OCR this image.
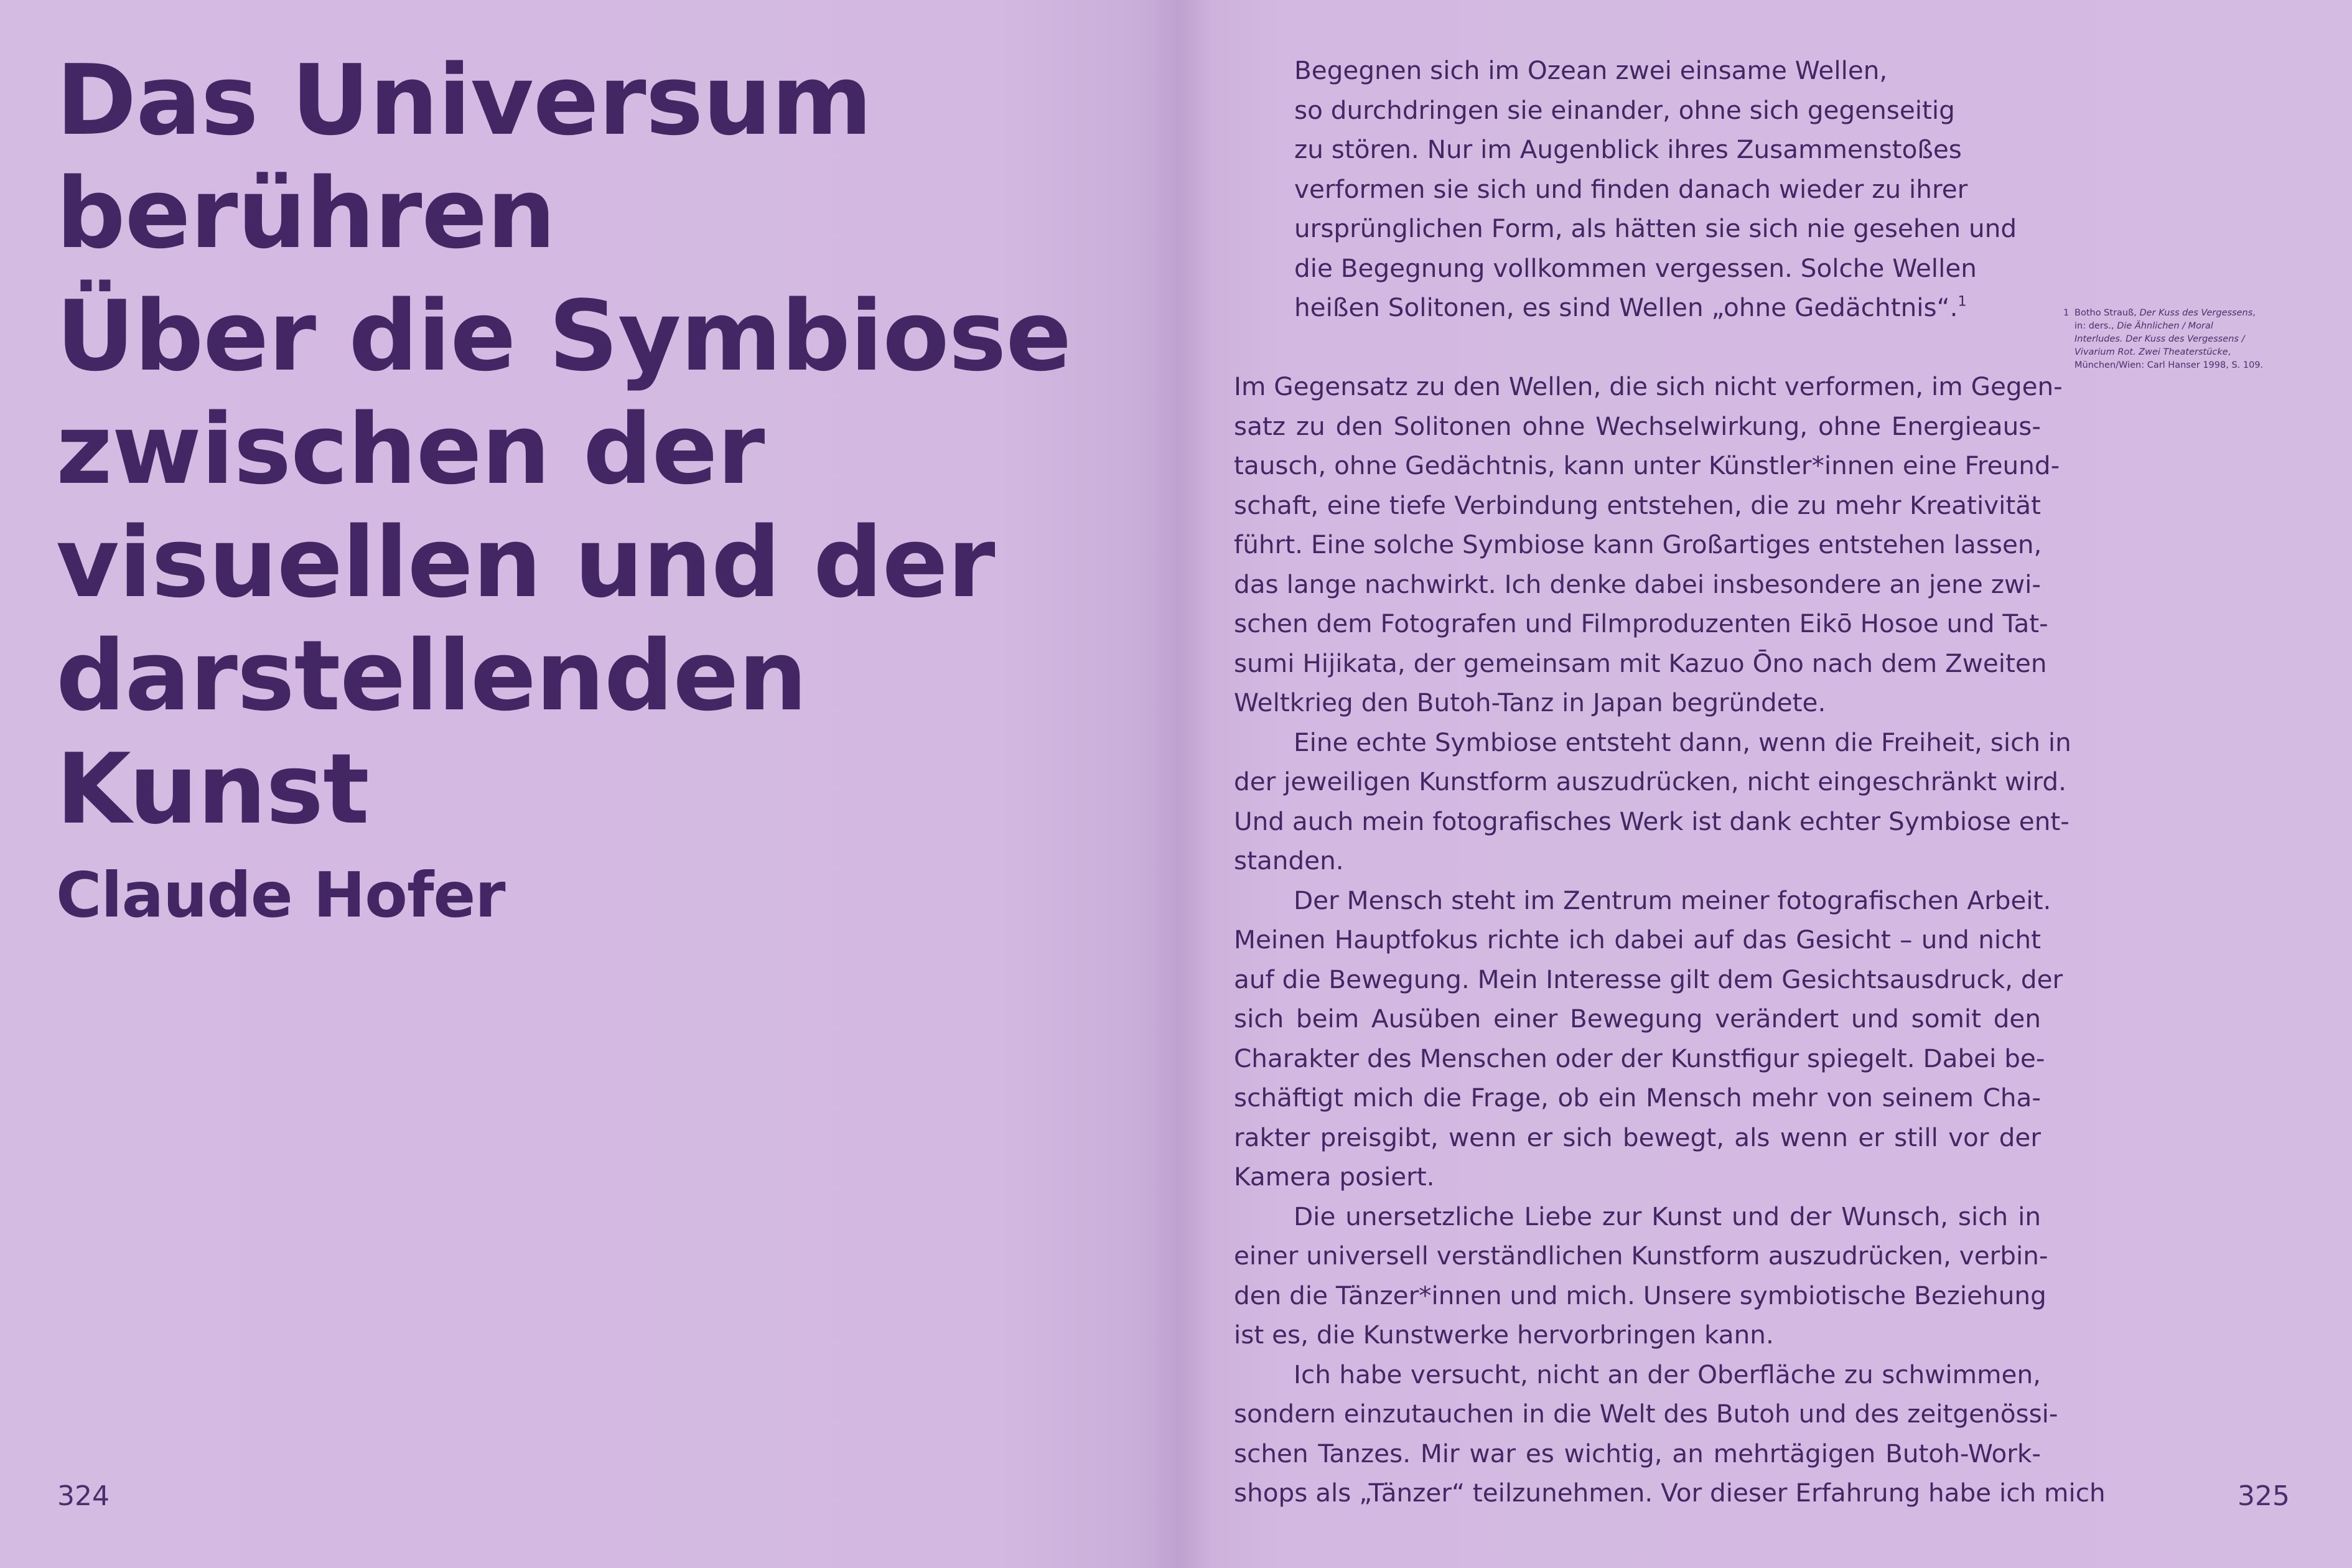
Das Universum
berühren
Über die Symbiose
zwischen der
visuellen und der
darstellenden Kunst
Claude Hofer
324

Begegnen sich im Ozean zwei einsame Wellen,
so durchdringen sie einander, ohne sich gegenseitig
zu stören. Nur im Augenblick ihres Zusammenstoßes
verformen sie sich und finden danach wieder zu ihrer
ursprünglichen Form, als hätten sie sich nie gesehen und
die Begegnung vollkommen vergessen. Solche Wellen
heißen Solitonen, es sind Wellen „ohne Gedächtnis“.$^1$

1 Botho Strauß, Der Kuss des Vergessens,
in: ders., Die Ähnlichen / Moral
Interludes. Der Kuss des Vergessens /
Vivarium Rot. Zwei Theaterstücke,
München/Wien: Carl Hanser 1998, S. 109.

Im Gegensatz zu den Wellen, die sich nicht verformen, im Gegen-
satz zu den Solitonen ohne Wechselwirkung, ohne Energieaus-
tausch, ohne Gedächtnis, kann unter Künstler*innen eine Freund-
schaft, eine tiefe Verbindung entstehen, die zu mehr Kreativität
führt. Eine solche Symbiose kann Großartiges entstehen lassen,
das lange nachwirkt. Ich denke dabei insbesondere an jene zwi-
schen dem Fotografen und Filmproduzenten Eikō Hosoe und Tat-
sumi Hijikata, der gemeinsam mit Kazuo Ōno nach dem Zweiten
Weltkrieg den Butoh-Tanz in Japan begründete.

Eine echte Symbiose entsteht dann, wenn die Freiheit, sich in
der jeweiligen Kunstform auszudrücken, nicht eingeschränkt wird.
Und auch mein fotografisches Werk ist dank echter Symbiose ent-
standen.

Der Mensch steht im Zentrum meiner fotografischen Arbeit.
Meinen Hauptfokus richte ich dabei auf das Gesicht – und nicht
auf die Bewegung. Mein Interesse gilt dem Gesichtsausdruck, der
sich beim Ausüben einer Bewegung verändert und somit den
Charakter des Menschen oder der Kunstfigur spiegelt. Dabei be-
schäftigt mich die Frage, ob ein Mensch mehr von seinem Cha-
rakter preisgibt, wenn er sich bewegt, als wenn er still vor der
Kamera posiert.

Die unersetzliche Liebe zur Kunst und der Wunsch, sich in
einer universell verständlichen Kunstform auszudrücken, verbin-
den die Tänzer*innen und mich. Unsere symbiotische Beziehung
ist es, die Kunstwerke hervorbringen kann.

Ich habe versucht, nicht an der Oberfläche zu schwimmen,
sondern einzutauchen in die Welt des Butoh und des zeitgenössi-
schen Tanzes. Mir war es wichtig, an mehrtägigen Butoh-Work-
shops als „Tänzer“ teilzunehmen. Vor dieser Erfahrung habe ich mich	325
